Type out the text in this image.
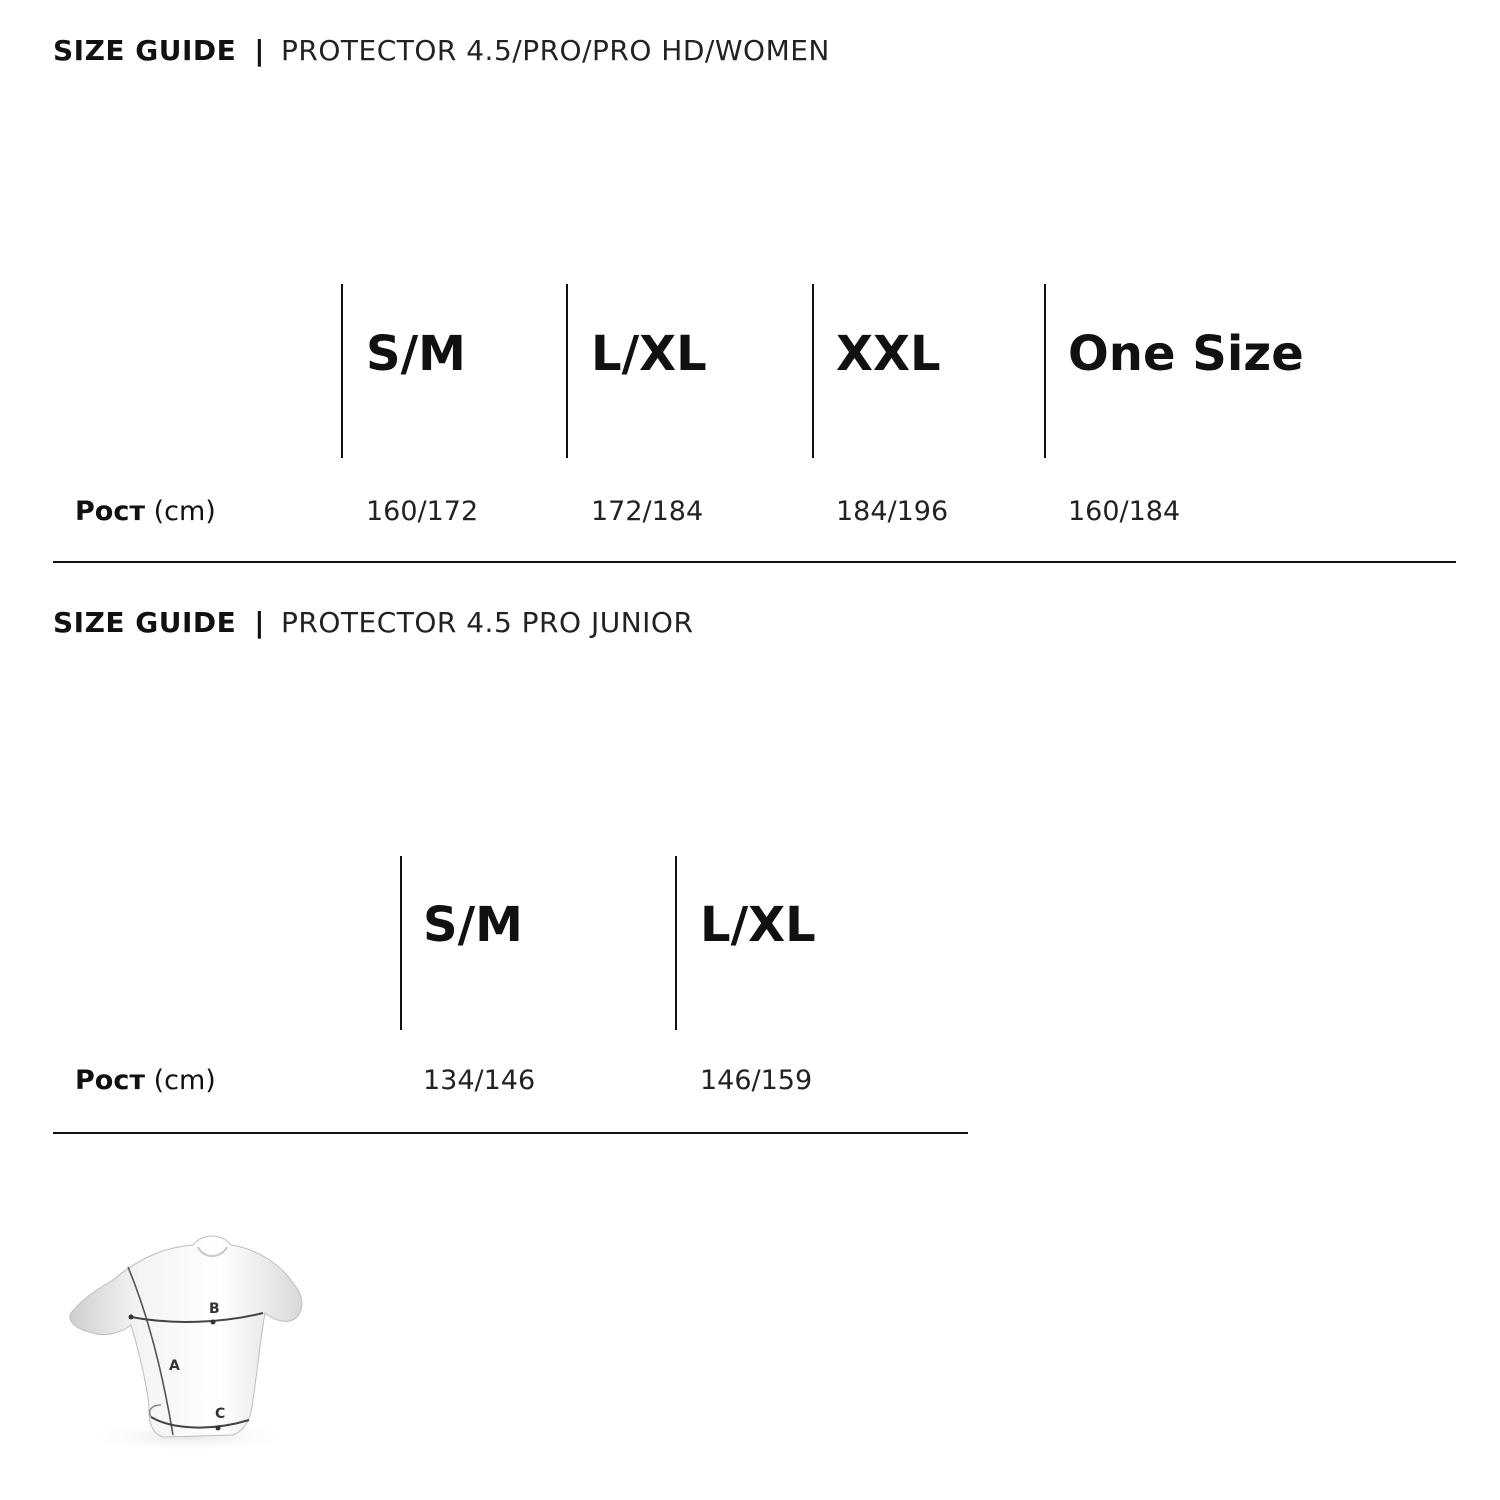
SIZE GUIDE | PROTECTOR 4.5/PRO/PRO HD/WOMEN
S/M	L/XL	XXL	One Size
Рост (cm)	160/172	172/184	184/196	160/184
SIZE GUIDE | PROTECTOR 4.5 PRO JUNIOR
S/M	L/XL
Рост (cm)	134/146	146/159
B
A
C
